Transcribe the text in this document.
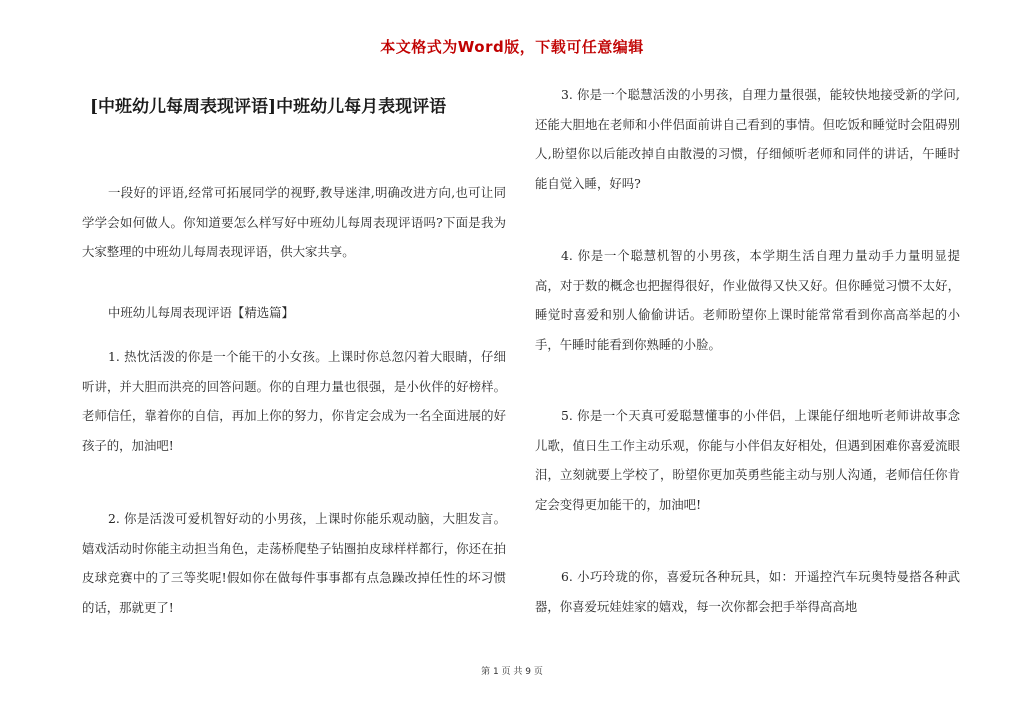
本文格式为Word版，下载可任意编辑
[中班幼儿每周表现评语]中班幼儿每月表现评语

一段好的评语,经常可拓展同学的视野,教导迷津,明确改进方向,也可让同学学会如何做人。你知道要怎么样写好中班幼儿每周表现评语吗?下面是我为大家整理的中班幼儿每周表现评语，供大家共享。

中班幼儿每周表现评语【精选篇】

1. 热忱活泼的你是一个能干的小女孩。上课时你总忽闪着大眼睛，仔细听讲，并大胆而洪亮的回答问题。你的自理力量也很强，是小伙伴的好榜样。老师信任，靠着你的自信，再加上你的努力，你肯定会成为一名全面进展的好孩子的，加油吧!

2. 你是活泼可爱机智好动的小男孩，上课时你能乐观动脑，大胆发言。嬉戏活动时你能主动担当角色，走荡桥爬垫子钻圈拍皮球样样都行，你还在拍皮球竞赛中的了三等奖呢!假如你在做每件事事都有点急躁改掉任性的坏习惯的话，那就更了!

3. 你是一个聪慧活泼的小男孩，自理力量很强，能较快地接受新的学问,还能大胆地在老师和小伴侣面前讲自己看到的事情。但吃饭和睡觉时会阻碍别人,盼望你以后能改掉自由散漫的习惯，仔细倾听老师和同伴的讲话，午睡时能自觉入睡，好吗?

4. 你是一个聪慧机智的小男孩，本学期生活自理力量动手力量明显提高，对于数的概念也把握得很好，作业做得又快又好。但你睡觉习惯不太好，睡觉时喜爱和别人偷偷讲话。老师盼望你上课时能常常看到你高高举起的小手，午睡时能看到你熟睡的小脸。

5. 你是一个天真可爱聪慧懂事的小伴侣，上课能仔细地听老师讲故事念儿歌，值日生工作主动乐观，你能与小伴侣友好相处，但遇到困难你喜爱流眼泪，立刻就要上学校了，盼望你更加英勇些能主动与别人沟通，老师信任你肯定会变得更加能干的，加油吧!

6. 小巧玲珑的你，喜爱玩各种玩具，如：开遥控汽车玩奥特曼搭各种武器，你喜爱玩娃娃家的嬉戏，每一次你都会把手举得高高地

第 1 页 共 9 页
